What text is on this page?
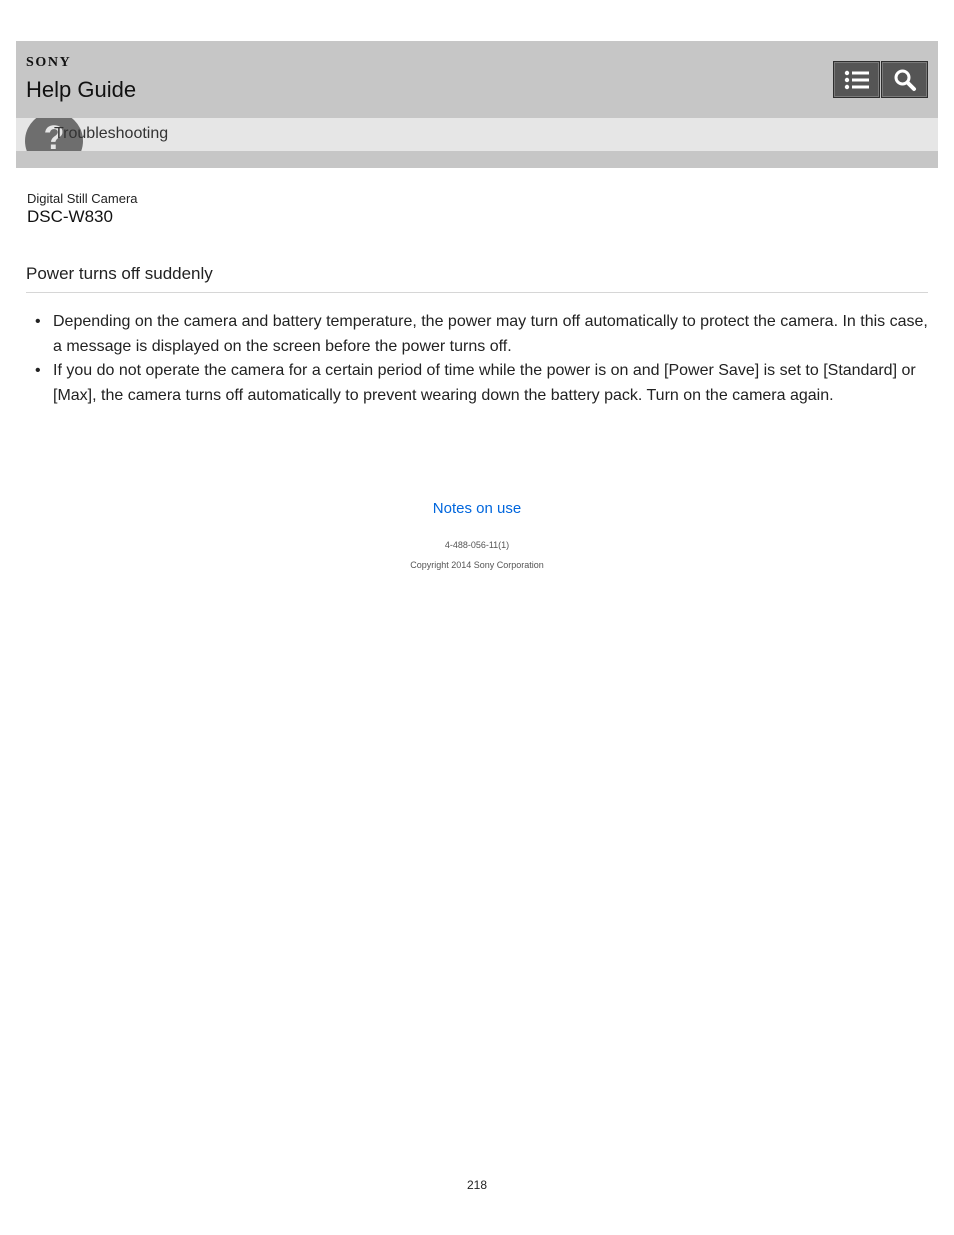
SONY
Help Guide
?
Troubleshooting
Digital Still Camera
DSC-W830
Power turns off suddenly
• Depending on the camera and battery temperature, the power may turn off automatically to protect the camera. In this case, a message is displayed on the screen before the power turns off.
• If you do not operate the camera for a certain period of time while the power is on and [Power Save] is set to [Standard] or [Max], the camera turns off automatically to prevent wearing down the battery pack. Turn on the camera again.
Notes on use
4-488-056-11(1)
Copyright 2014 Sony Corporation
218
